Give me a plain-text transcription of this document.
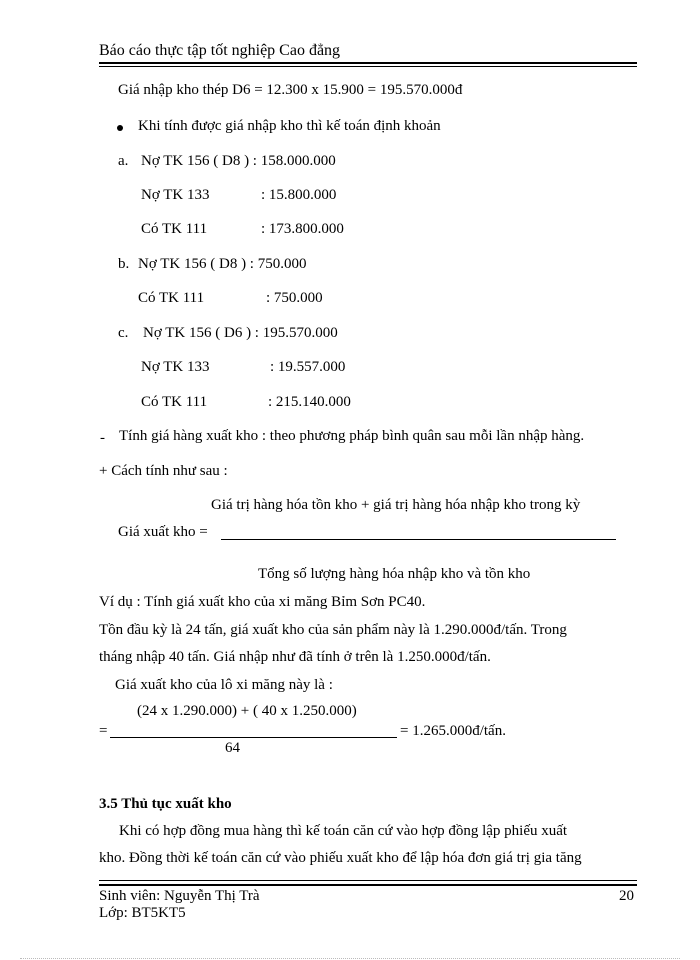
Báo cáo thực tập tốt nghiệp Cao đẳng
Giá nhập kho thép D6 = 12.300 x 15.900 = 195.570.000đ
Khi tính được giá nhập kho thì kế toán định khoản
a. Nợ TK 156 ( D8 ) : 158.000.000
Nợ TK 133	: 15.800.000
Có TK 111	: 173.800.000
b. Nợ TK 156 ( D8 ) : 750.000
Có TK 111	: 750.000
c. Nợ TK 156 ( D6 ) : 195.570.000
Nợ TK 133	: 19.557.000
Có TK 111	: 215.140.000
- Tính giá hàng xuất kho : theo phương pháp bình quân sau mỗi lần nhập hàng.
+ Cách tính như sau :
Giá trị hàng hóa tồn kho + giá trị hàng hóa nhập kho trong kỳ
Giá xuất kho =
Tổng số lượng hàng hóa nhập kho và tồn kho
Ví dụ : Tính giá xuất kho của xi măng Bỉm Sơn PC40.
Tồn đầu kỳ là 24 tấn, giá xuất kho của sản phẩm này là 1.290.000đ/tấn. Trong
tháng nhập 40 tấn. Giá nhập như đã tính ở trên là 1.250.000đ/tấn.
Giá xuất kho của lô xi măng này là :
(24 x 1.290.000) + ( 40 x 1.250.000)
=	= 1.265.000đ/tấn.
64
3.5 Thủ tục xuất kho
Khi có hợp đồng mua hàng thì kế toán căn cứ vào hợp đồng lập phiếu xuất
kho. Đồng thời kế toán căn cứ vào phiếu xuất kho để lập hóa đơn giá trị gia tăng
Sinh viên: Nguyễn Thị Trà	20
Lớp: BT5KT5
